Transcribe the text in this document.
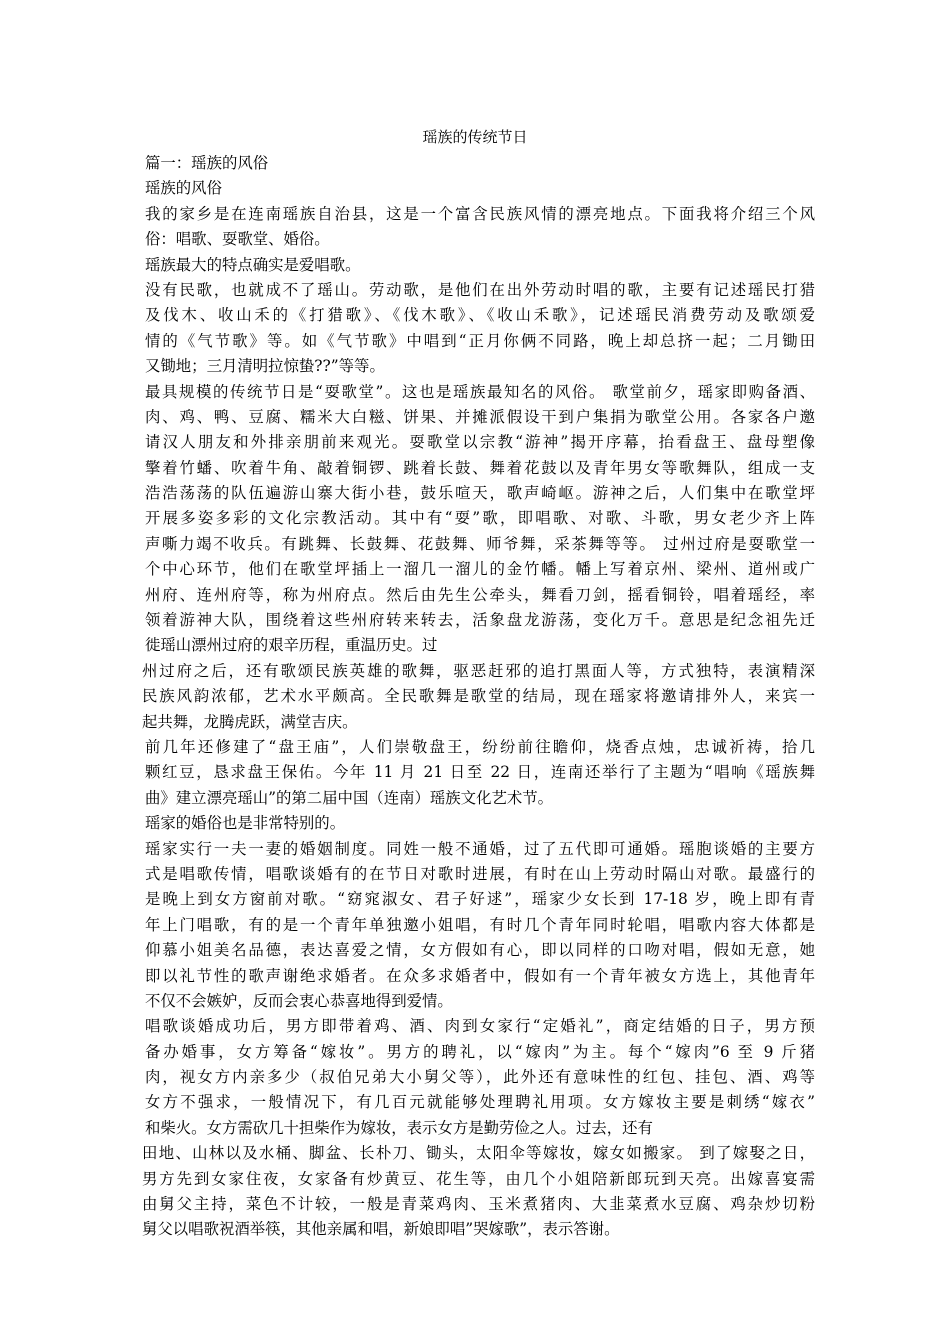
瑶族的传统节日
篇一：瑶族的风俗
瑶族的风俗
我的家乡是在连南瑶族自治县，这是一个富含民族风情的漂亮地点。下面我将介绍三个风
俗：唱歌、耍歌堂、婚俗。
瑶族最大的特点确实是爱唱歌。
没有民歌，也就成不了瑶山。劳动歌，是他们在出外劳动时唱的歌，主要有记述瑶民打猎
及伐木、收山禾的《打猎歌》、《伐木歌》、《收山禾歌》，记述瑶民消费劳动及歌颂爱
情的《气节歌》等。如《气节歌》中唱到“正月你俩不同路，晚上却总挤一起；二月锄田
又锄地；三月清明拉惊蛰??”等等。
最具规模的传统节日是“耍歌堂”。这也是瑶族最知名的风俗。 歌堂前夕，瑶家即购备酒、
肉、鸡、鸭、豆腐、糯米大白糍、饼果、并摊派假设干到户集捐为歌堂公用。各家各户邀
请汉人朋友和外排亲朋前来观光。耍歌堂以宗教“游神”揭开序幕，抬看盘王、盘母塑像
擎着竹蟠、吹着牛角、敲着铜锣、跳着长鼓、舞着花鼓以及青年男女等歌舞队，组成一支
浩浩荡荡的队伍遍游山寨大街小巷，鼓乐喧天，歌声崎岖。游神之后，人们集中在歌堂坪
开展多姿多彩的文化宗教活动。其中有“耍”歌，即唱歌、对歌、斗歌，男女老少齐上阵
声嘶力竭不收兵。有跳舞、长鼓舞、花鼓舞、师爷舞，采茶舞等等。 过州过府是耍歌堂一
个中心环节，他们在歌堂坪插上一溜几一溜儿的金竹幡。幡上写着京州、梁州、道州或广
州府、连州府等，称为州府点。然后由先生公牵头，舞看刀剑，摇看铜铃，唱着瑶经，率
领着游神大队，围绕着这些州府转来转去，活象盘龙游荡，变化万千。意思是纪念祖先迁
徙瑶山漂州过府的艰辛历程，重温历史。过
州过府之后，还有歌颂民族英雄的歌舞，驱恶赶邪的追打黑面人等，方式独特，表演精深
民族风韵浓郁，艺术水平颇高。全民歌舞是歌堂的结局，现在瑶家将邀请排外人，来宾一
起共舞，龙腾虎跃，满堂吉庆。
前几年还修建了“盘王庙”，人们崇敬盘王，纷纷前往瞻仰，烧香点烛，忠诚祈祷，拾几
颗红豆，恳求盘王保佑。今年 11 月 21 日至 22 日，连南还举行了主题为“唱响《瑶族舞
曲》建立漂亮瑶山”的第二届中国（连南）瑶族文化艺术节。
瑶家的婚俗也是非常特别的。
瑶家实行一夫一妻的婚姻制度。同姓一般不通婚，过了五代即可通婚。瑶胞谈婚的主要方
式是唱歌传情，唱歌谈婚有的在节日对歌时进展，有时在山上劳动时隔山对歌。最盛行的
是晚上到女方窗前对歌。“窈窕淑女、君子好逑”，瑶家少女长到 17-18 岁，晚上即有青
年上门唱歌，有的是一个青年单独邀小姐唱，有时几个青年同时轮唱，唱歌内容大体都是
仰慕小姐美名品德，表达喜爱之情，女方假如有心，即以同样的口吻对唱，假如无意，她
即以礼节性的歌声谢绝求婚者。在众多求婚者中，假如有一个青年被女方选上，其他青年
不仅不会嫉妒，反而会衷心恭喜地得到爱情。
唱歌谈婚成功后，男方即带着鸡、酒、肉到女家行“定婚礼”，商定结婚的日子，男方预
备办婚事，女方筹备“嫁妆”。男方的聘礼，以“嫁肉”为主。每个“嫁肉”6 至 9 斤猪
肉，视女方内亲多少（叔伯兄弟大小舅父等），此外还有意味性的红包、挂包、酒、鸡等
女方不强求，一般情况下，有几百元就能够处理聘礼用项。女方嫁妆主要是刺绣“嫁衣”
和柴火。女方需砍几十担柴作为嫁妆，表示女方是勤劳俭之人。过去，还有
田地、山林以及水桶、脚盆、长朴刀、锄头，太阳伞等嫁妆，嫁女如搬家。 到了嫁娶之日，
男方先到女家住夜，女家备有炒黄豆、花生等，由几个小姐陪新郎玩到天亮。出嫁喜宴需
由舅父主持，菜色不计较，一般是青菜鸡肉、玉米煮猪肉、大韭菜煮水豆腐、鸡杂炒切粉
舅父以唱歌祝酒举筷，其他亲属和唱，新娘即唱”哭嫁歌”，表示答谢。
